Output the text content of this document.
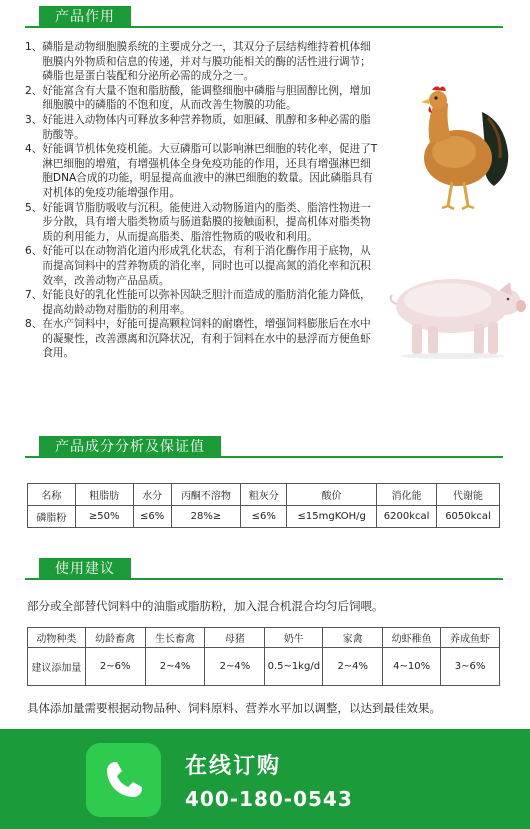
产品作用
1、 磷脂是动物细胞膜系统的主要成分之一，其双分子层结构维持着机体细胞膜内外物质和信息的传递，并对与膜功能相关的酶的活性进行调节；磷脂也是蛋白装配和分泌所必需的成分之一。
2、 好能富含有大量不饱和脂肪酸，能调整细胞中磷脂与胆固醇比例，增加细胞膜中的磷脂的不饱和度，从而改善生物膜的功能。
3、 好能进入动物体内可释放多种营养物质，如胆碱、肌醇和多种必需的脂肪酸等。
4、 好能调节机体免疫机能。大豆磷脂可以影响淋巴细胞的转化率，促进了T淋巴细胞的增殖，有增强机体全身免疫功能的作用，还具有增强淋巴细胞DNA合成的功能，明显提高血液中的淋巴细胞的数量。因此磷脂具有对机体的免疫功能增强作用。
5、 好能调节脂肪吸收与沉积。能使进入动物肠道内的脂类、脂溶性物进一步分散，具有增大脂类物质与肠道黏膜的接触面积，提高机体对脂类物质的利用能力，从而提高脂类、脂溶性物质的吸收和利用。
6、 好能可以在动物消化道内形成乳化状态，有利于消化酶作用于底物，从而提高饲料中的营养物质的消化率，同时也可以提高氮的消化率和沉积效率，改善动物产品品质。
7、 好能良好的乳化性能可以弥补因缺乏胆汁而造成的脂肪消化能力降低，提高幼龄动物对脂肪的利用率。
8、 在水产饲料中，好能可提高颗粒饲料的耐磨性，增强饲料膨胀后在水中的凝聚性，改善漂离和沉降状况，有利于饲料在水中的悬浮而方便鱼虾食用。
产品成分分析及保证值
名称	粗脂肪	水分	丙酮不溶物	粗灰分	酸价	消化能	代谢能
磷脂粉	≥50%	≤6%	28%≥	≤6%	≤15mgKOH/g	6200kcal	6050kcal
使用建议
部分或全部替代饲料中的油脂或脂肪粉，加入混合机混合均匀后饲喂。
动物种类	幼龄畜禽	生长畜禽	母猪	奶牛	家禽	幼虾稚鱼	养成鱼虾
建议添加量	2~6%	2~4%	2~4%	0.5~1kg/d	2~4%	4~10%	3~6%
具体添加量需要根据动物品种、饲料原料、营养水平加以调整，以达到最佳效果。
在线订购
400-180-0543
